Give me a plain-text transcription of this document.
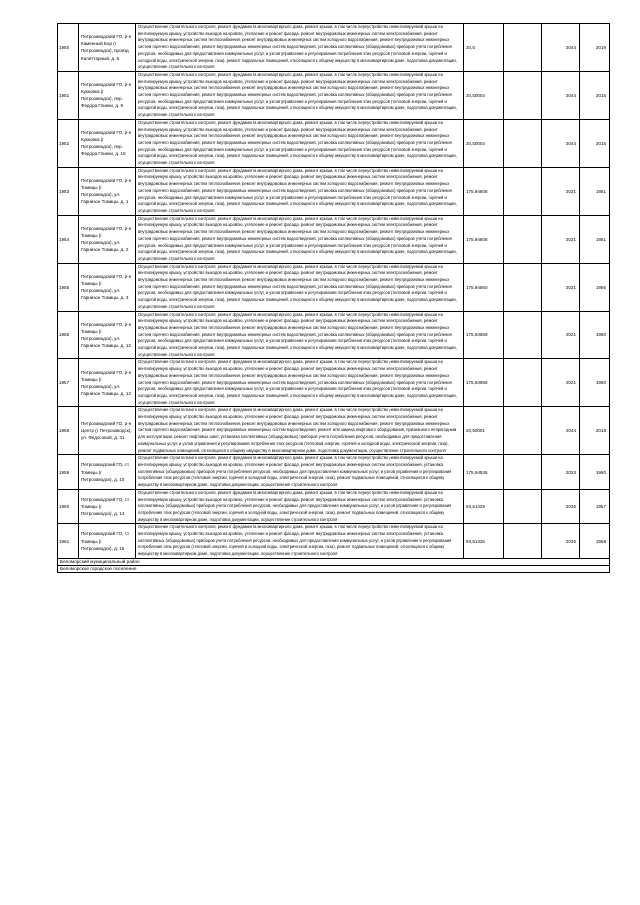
1950	Петрозаводский ГО, р-н Каменный Бор (г Петрозаводск), проезд Калиттарный, д. 6	Осуществление строительного контроля, ремонт фундамента многоквартирного дома, ремонт крыши, в том числе переустройство невентилируемой крыши на вентилируемую крышу, устройство выходов на кровлю, утепление и ремонт фасада, ремонт внутридомовых инженерных систем электроснабжения, ремонт внутридомовых инженерных систем теплоснабжения, ремонт внутридомовых инженерных систем холодного водоснабжения, ремонт внутридомовых инженерных систем горячего водоснабжения, ремонт внутридомовых инженерных систем водоотведения, установка коллективных (общедомовых) приборов учета потребления ресурсов, необходимых для предоставления коммунальных услуг, и узлов управления и регулирования потребления этих ресурсов (тепловой энергии, горячей и холодной воды, электрической энергии, газа), ремонт подвальных помещений, относящихся к общему имуществу в многоквартирном доме, подготовка документации, осуществление строительного контроля	20,5		2044	2019
1951	Петрозаводский ГО, р-н Кукковка (г Петрозаводск), пер. Федора Глинки, д. 9	Осуществление строительного контроля, ремонт фундамента многоквартирного дома, ремонт крыши, в том числе переустройство невентилируемой крыши на вентилируемую крышу, устройство выходов на кровлю, утепление и ремонт фасада, ремонт внутридомовых инженерных систем электроснабжения, ремонт внутридомовых инженерных систем теплоснабжения, ремонт внутридомовых инженерных систем холодного водоснабжения, ремонт внутридомовых инженерных систем горячего водоснабжения, ремонт внутридомовых инженерных систем водоотведения, установка коллективных (общедомовых) приборов учета потребления ресурсов, необходимых для предоставления коммунальных услуг, и узлов управления и регулирования потребления этих ресурсов (тепловой энергии, горячей и холодной воды, электрической энергии, газа), ремонт подвальных помещений, относящихся к общему имуществу в многоквартирном доме, подготовка документации, осуществление строительного контроля	20,50004		2044	2015
1952	Петрозаводский ГО, р-н Кукковка (г Петрозаводск), пер. Федора Глинки, д. 15	Осуществление строительного контроля, ремонт фундамента многоквартирного дома, ремонт крыши, в том числе переустройство невентилируемой крыши на вентилируемую крышу, устройство выходов на кровлю, утепление и ремонт фасада, ремонт внутридомовых инженерных систем электроснабжения, ремонт внутридомовых инженерных систем теплоснабжения, ремонт внутридомовых инженерных систем холодного водоснабжения, ремонт внутридомовых инженерных систем горячего водоснабжения, ремонт внутридомовых инженерных систем водоотведения, установка коллективных (общедомовых) приборов учета потребления ресурсов, необходимых для предоставления коммунальных услуг, и узлов управления и регулирования потребления этих ресурсов (тепловой энергии, горячей и холодной воды, электрической энергии, газа), ремонт подвальных помещений, относящихся к общему имуществу в многоквартирном доме, подготовка документации, осуществление строительного контроля	20,50004		2044	2015
1953	Петрозаводский ГО, р-н Томицы (г Петрозаводск), ул. Гарнизон Томицы, д. 1	Осуществление строительного контроля, ремонт фундамента многоквартирного дома, ремонт крыши, в том числе переустройство невентилируемой крыши на вентилируемую крышу, устройство выходов на кровлю, утепление и ремонт фасада, ремонт внутридомовых инженерных систем электроснабжения, ремонт внутридомовых инженерных систем теплоснабжения, ремонт внутридомовых инженерных систем холодного водоснабжения, ремонт внутридомовых инженерных систем горячего водоснабжения, ремонт внутридомовых инженерных систем водоотведения, установка коллективных (общедомовых) приборов учета потребления ресурсов, необходимых для предоставления коммунальных услуг, и узлов управления и регулирования потребления этих ресурсов (тепловой энергии, горячей и холодной воды, электрической энергии, газа), ремонт подвальных помещений, относящихся к общему имуществу в многоквартирном доме, подготовка документации, осуществление строительного контроля	175,94608		2021	1951
1954	Петрозаводский ГО, р-н Томицы (г Петрозаводск), ул. Гарнизон Томицы, д. 2	Осуществление строительного контроля, ремонт фундамента многоквартирного дома, ремонт крыши, в том числе переустройство невентилируемой крыши на вентилируемую крышу, устройство выходов на кровлю, утепление и ремонт фасада, ремонт внутридомовых инженерных систем электроснабжения, ремонт внутридомовых инженерных систем теплоснабжения, ремонт внутридомовых инженерных систем холодного водоснабжения, ремонт внутридомовых инженерных систем горячего водоснабжения, ремонт внутридомовых инженерных систем водоотведения, установка коллективных (общедомовых) приборов учета потребления ресурсов, необходимых для предоставления коммунальных услуг, и узлов управления и регулирования потребления этих ресурсов (тепловой энергии, горячей и холодной воды, электрической энергии, газа), ремонт подвальных помещений, относящихся к общему имуществу в многоквартирном доме, подготовка документации, осуществление строительного контроля	175,94608		2021	1951
1955	Петрозаводский ГО, р-н Томицы (г Петрозаводск), ул. Гарнизон Томицы, д. 3	Осуществление строительного контроля, ремонт фундамента многоквартирного дома, ремонт крыши, в том числе переустройство невентилируемой крыши на вентилируемую крышу, устройство выходов на кровлю, утепление и ремонт фасада, ремонт внутридомовых инженерных систем электроснабжения, ремонт внутридомовых инженерных систем теплоснабжения, ремонт внутридомовых инженерных систем холодного водоснабжения, ремонт внутридомовых инженерных систем горячего водоснабжения, ремонт внутридомовых инженерных систем водоотведения, установка коллективных (общедомовых) приборов учета потребления ресурсов, необходимых для предоставления коммунальных услуг, и узлов управления и регулирования потребления этих ресурсов (тепловой энергии, горячей и холодной воды, электрической энергии, газа), ремонт подвальных помещений, относящихся к общему имуществу в многоквартирном доме, подготовка документации, осуществление строительного контроля	175,94560		2021	1956
1956	Петрозаводский ГО, р-н Томицы (г Петрозаводск), ул. Гарнизон Томицы, д. 12	Осуществление строительного контроля, ремонт фундамента многоквартирного дома, ремонт крыши, в том числе переустройство невентилируемой крыши на вентилируемую крышу, устройство выходов на кровлю, утепление и ремонт фасада, ремонт внутридомовых инженерных систем электроснабжения, ремонт внутридомовых инженерных систем теплоснабжения, ремонт внутридомовых инженерных систем холодного водоснабжения, ремонт внутридомовых инженерных систем горячего водоснабжения, ремонт внутридомовых инженерных систем водоотведения, установка коллективных (общедомовых) приборов учета потребления ресурсов, необходимых для предоставления коммунальных услуг, и узлов управления и регулирования потребления этих ресурсов (тепловой энергии, горячей и холодной воды, электрической энергии, газа), ремонт подвальных помещений, относящихся к общему имуществу в многоквартирном доме, подготовка документации, осуществление строительного контроля	175,94559		2021	1960
1957	Петрозаводский ГО, р-н Томицы (г Петрозаводск), ул. Гарнизон Томицы, д. 13	Осуществление строительного контроля, ремонт фундамента многоквартирного дома, ремонт крыши, в том числе переустройство невентилируемой крыши на вентилируемую крышу, устройство выходов на кровлю, утепление и ремонт фасада, ремонт внутридомовых инженерных систем электроснабжения, ремонт внутридомовых инженерных систем теплоснабжения, ремонт внутридомовых инженерных систем холодного водоснабжения, ремонт внутридомовых инженерных систем горячего водоснабжения, ремонт внутридомовых инженерных систем водоотведения, установка коллективных (общедомовых) приборов учета потребления ресурсов, необходимых для предоставления коммунальных услуг, и узлов управления и регулирования потребления этих ресурсов (тепловой энергии, горячей и холодной воды, электрической энергии, газа), ремонт подвальных помещений, относящихся к общему имуществу в многоквартирном доме, подготовка документации, осуществление строительного контроля	175,94558		2021	1960
1958	Петрозаводский ГО, р-н Центр (г Петрозаводск), ул. Федосовой, д. 31	Осуществление строительного контроля, ремонт фундамента многоквартирного дома, ремонт крыши, в том числе переустройство невентилируемой крыши на вентилируемую крышу, устройство выходов на кровлю, утепление и ремонт фасада, ремонт внутридомовых инженерных систем электроснабжения, ремонт внутридомовых инженерных систем теплоснабжения, ремонт внутридомовых инженерных систем холодного водоснабжения, ремонт внутридомовых инженерных систем горячего водоснабжения, ремонт внутридомовых инженерных систем водоотведения, ремонт или замена лифтового оборудования, признанного непригодным для эксплуатации, ремонт лифтовых шахт, установка коллективных (общедомовых) приборов учета потребления ресурсов, необходимых для предоставления коммунальных услуг, и узлов управления и регулирования потребления этих ресурсов (тепловой энергии, горячей и холодной воды, электрической энергии, газа), ремонт подвальных помещений, относящихся к общему имуществу в многоквартирном доме, подготовка документации, осуществление строительного контроля	20,50001		2044	2018
1959	Петрозаводский ГО, ст. Томицы (г Петрозаводск), д. 10	Осуществление строительного контроля, ремонт фундамента многоквартирного дома, ремонт крыши, в том числе переустройство невентилируемой крыши на вентилируемую крышу, устройство выходов на кровлю, утепление и ремонт фасада, ремонт внутридомовых инженерных систем электроснабжения, установка коллективных (общедомовых) приборов учета потребления ресурсов, необходимых для предоставления коммунальных услуг, и узлов управления и регулирования потребления этих ресурсов (тепловой энергии, горячей и холодной воды, электрической энергии, газа), ремонт подвальных помещений, относящихся к общему имуществу в многоквартирном доме, подготовка документации, осуществление строительного контроля	175,94536		2023	1960
1960	Петрозаводский ГО, ст. Томицы (г Петрозаводск), д. 14	Осуществление строительного контроля, ремонт фундамента многоквартирного дома, ремонт крыши, в том числе переустройство невентилируемой крыши на вентилируемую крышу, устройство выходов на кровлю, утепление и ремонт фасада, ремонт внутридомовых инженерных систем электроснабжения, установка коллективных (общедомовых) приборов учета потребления ресурсов, необходимых для предоставления коммунальных услуг, и узлов управления и регулирования потребления этих ресурсов (тепловой энергии, горячей и холодной воды, электрической энергии, газа), ремонт подвальных помещений, относящихся к общему имуществу в многоквартирном доме, подготовка документации, осуществление строительного контроля	93,51429		2036	1957
1961	Петрозаводский ГО, ст. Томицы (г Петрозаводск), д. 16	Осуществление строительного контроля, ремонт фундамента многоквартирного дома, ремонт крыши, в том числе переустройство невентилируемой крыши на вентилируемую крышу, устройство выходов на кровлю, утепление и ремонт фасада, ремонт внутридомовых инженерных систем электроснабжения, установка коллективных (общедомовых) приборов учета потребления ресурсов, необходимых для предоставления коммунальных услуг, и узлов управления и регулирования потребления этих ресурсов (тепловой энергии, горячей и холодной воды, электрической энергии, газа), ремонт подвальных помещений, относящихся к общему имуществу в многоквартирном доме, подготовка документации, осуществление строительного контроля	93,51326		2036	1958
Беломорский муниципальный район						
Беломорское городское поселение						
